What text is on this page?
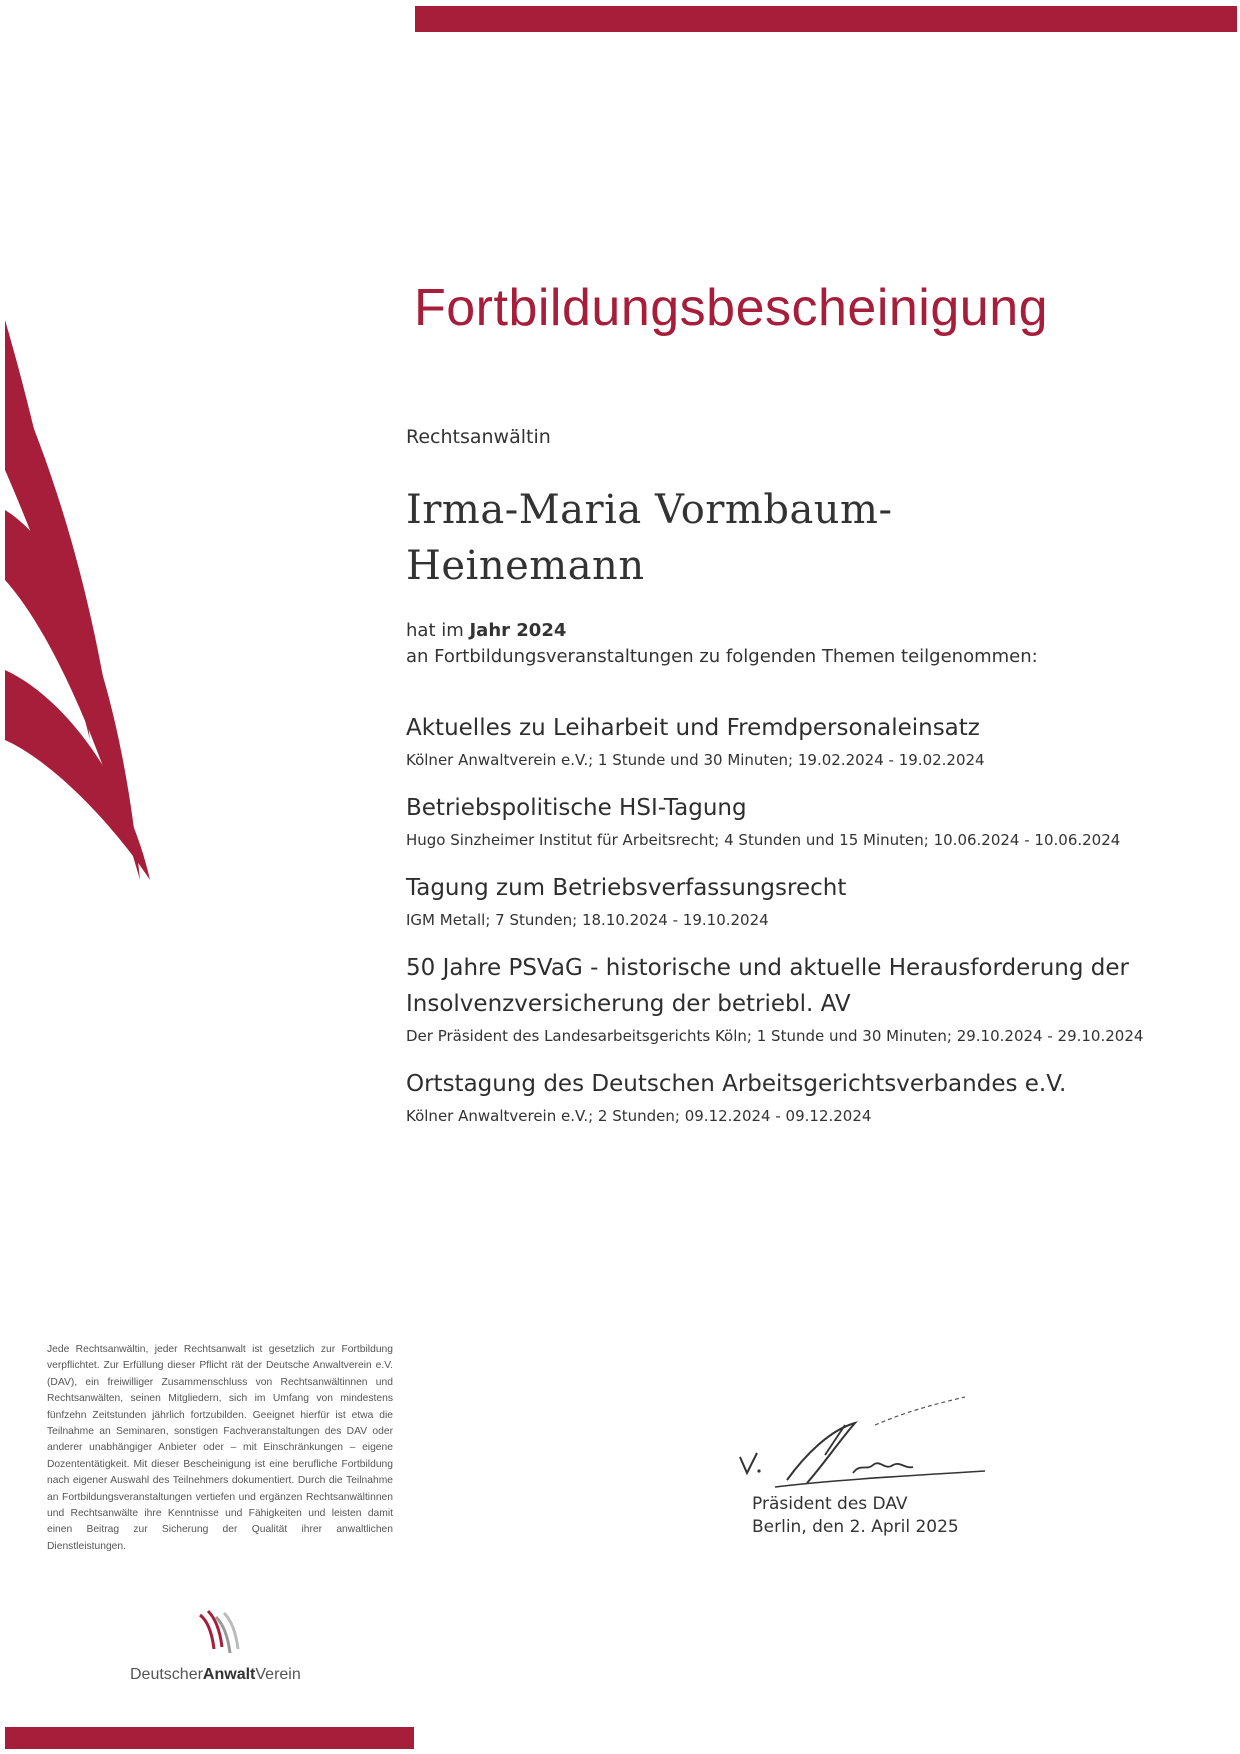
Fortbildungsbescheinigung
Rechtsanwältin
Irma-Maria Vormbaum-
Heinemann
hat im Jahr 2024
an Fortbildungsveranstaltungen zu folgenden Themen teilgenommen:
Aktuelles zu Leiharbeit und Fremdpersonaleinsatz
Kölner Anwaltverein e.V.; 1 Stunde und 30 Minuten; 19.02.2024 - 19.02.2024
Betriebspolitische HSI-Tagung
Hugo Sinzheimer Institut für Arbeitsrecht; 4 Stunden und 15 Minuten; 10.06.2024 - 10.06.2024
Tagung zum Betriebsverfassungsrecht
IGM Metall; 7 Stunden; 18.10.2024 - 19.10.2024
50 Jahre PSVaG - historische und aktuelle Herausforderung der Insolvenzversicherung der betriebl. AV
Der Präsident des Landesarbeitsgerichts Köln; 1 Stunde und 30 Minuten; 29.10.2024 - 29.10.2024
Ortstagung des Deutschen Arbeitsgerichtsverbandes e.V.
Kölner Anwaltverein e.V.; 2 Stunden; 09.12.2024 - 09.12.2024
Jede Rechtsanwältin, jeder Rechtsanwalt ist gesetzlich zur Fortbildung verpflichtet. Zur Erfüllung dieser Pflicht rät der Deutsche Anwaltverein e.V. (DAV), ein freiwilliger Zusammenschluss von Rechtsanwältinnen und Rechtsanwälten, seinen Mitgliedern, sich im Umfang von mindestens fünfzehn Zeitstunden jährlich fortzubilden. Geeignet hierfür ist etwa die Teilnahme an Seminaren, sonstigen Fachveranstaltungen des DAV oder anderer unabhängiger Anbieter oder – mit Einschränkungen – eigene Dozententätigkeit. Mit dieser Bescheinigung ist eine berufliche Fortbildung nach eigener Auswahl des Teilnehmers dokumentiert. Durch die Teilnahme an Fortbildungsveranstaltungen vertiefen und ergänzen Rechtsanwältinnen und Rechtsanwälte ihre Kenntnisse und Fähigkeiten und leisten damit einen Beitrag zur Sicherung der Qualität ihrer anwaltlichen Dienstleistungen.
Präsident des DAV
Berlin, den 2. April 2025
DeutscherAnwaltVerein
